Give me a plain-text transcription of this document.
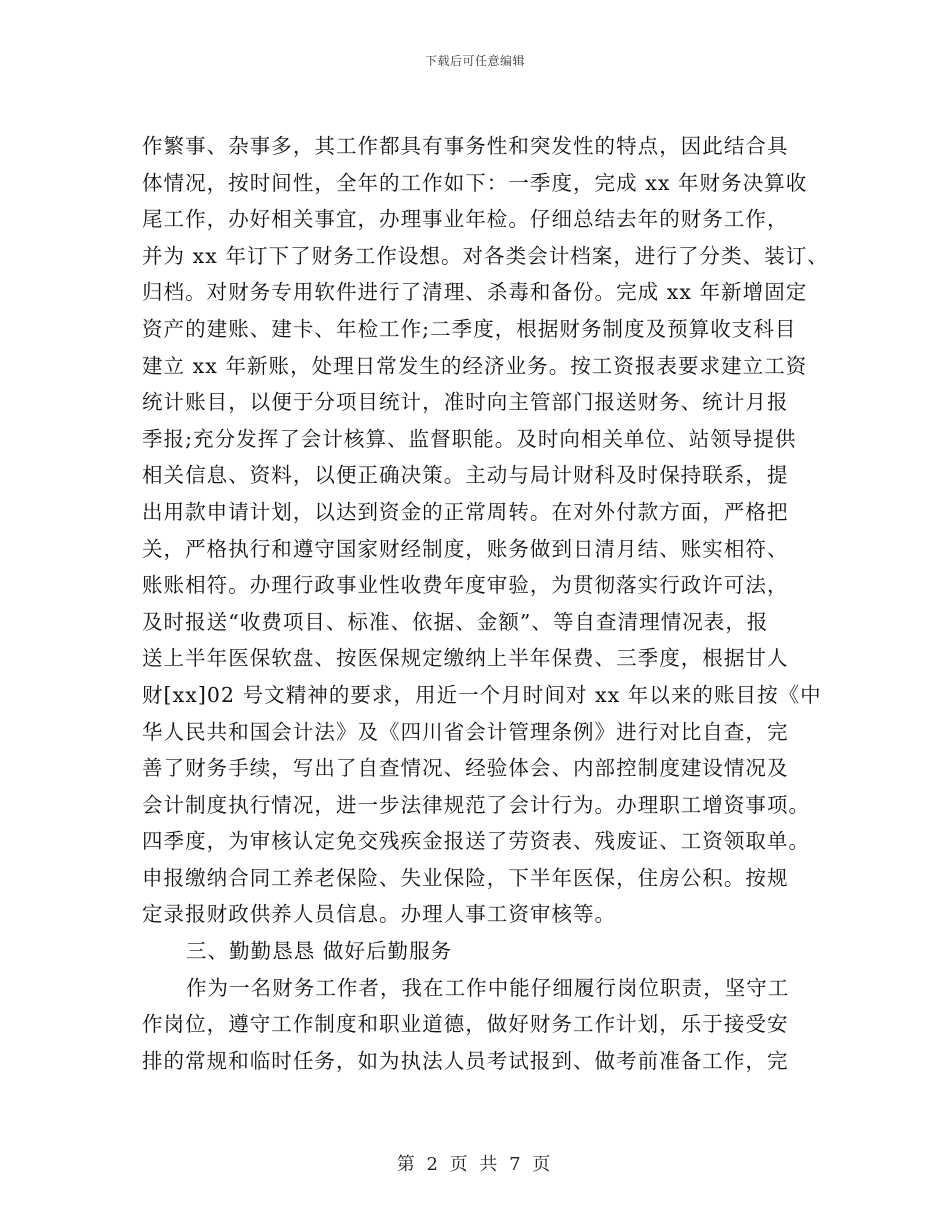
下载后可任意编辑
作繁事、杂事多，其工作都具有事务性和突发性的特点，因此结合具
体情况，按时间性，全年的工作如下：一季度，完成 xx 年财务决算收
尾工作，办好相关事宜，办理事业年检。仔细总结去年的财务工作，
并为 xx 年订下了财务工作设想。对各类会计档案，进行了分类、装订、
归档。对财务专用软件进行了清理、杀毒和备份。完成 xx 年新增固定
资产的建账、建卡、年检工作;二季度，根据财务制度及预算收支科目
建立 xx 年新账，处理日常发生的经济业务。按工资报表要求建立工资
统计账目，以便于分项目统计，准时向主管部门报送财务、统计月报
季报;充分发挥了会计核算、监督职能。及时向相关单位、站领导提供
相关信息、资料，以便正确决策。主动与局计财科及时保持联系，提
出用款申请计划，以达到资金的正常周转。在对外付款方面，严格把
关，严格执行和遵守国家财经制度，账务做到日清月结、账实相符、
账账相符。办理行政事业性收费年度审验，为贯彻落实行政许可法，
及时报送“收费项目、标准、依据、金额”、等自查清理情况表，报
送上半年医保软盘、按医保规定缴纳上半年保费、三季度，根据甘人
财[xx]02 号文精神的要求，用近一个月时间对 xx 年以来的账目按《中
华人民共和国会计法》及《四川省会计管理条例》进行对比自查，完
善了财务手续，写出了自查情况、经验体会、内部控制度建设情况及
会计制度执行情况，进一步法律规范了会计行为。办理职工增资事项。
四季度，为审核认定免交残疾金报送了劳资表、残废证、工资领取单。
申报缴纳合同工养老保险、失业保险，下半年医保，住房公积。按规
定录报财政供养人员信息。办理人事工资审核等。
三、勤勤恳恳 做好后勤服务
作为一名财务工作者，我在工作中能仔细履行岗位职责，坚守工
作岗位，遵守工作制度和职业道德，做好财务工作计划，乐于接受安
排的常规和临时任务，如为执法人员考试报到、做考前准备工作，完
第 2 页 共 7 页
